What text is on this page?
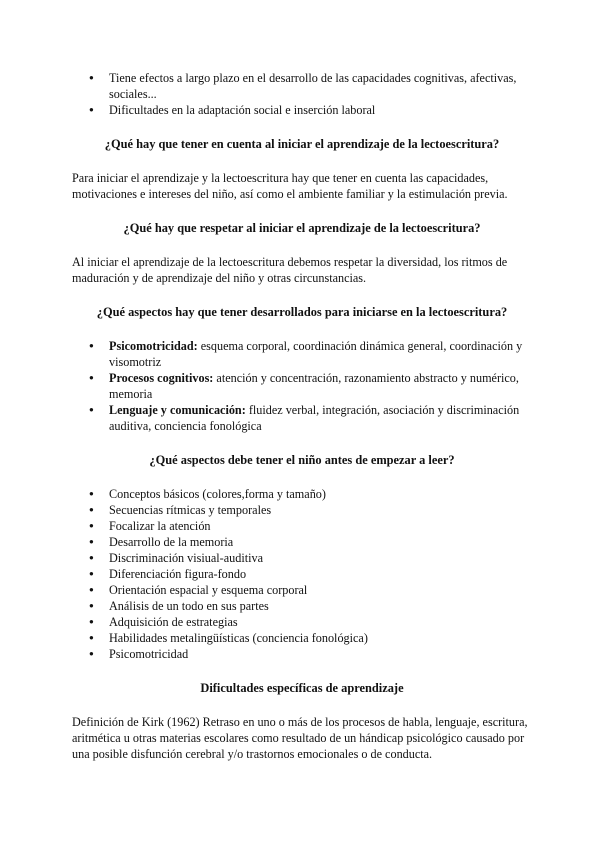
● Tiene efectos a largo plazo en el desarrollo de las capacidades cognitivas, afectivas, sociales...
● Dificultades en la adaptación social e inserción laboral
¿Qué hay que tener en cuenta al iniciar el aprendizaje de la lectoescritura?

Para iniciar el aprendizaje y la lectoescritura hay que tener en cuenta las capacidades, motivaciones e intereses del niño, así como el ambiente familiar y la estimulación previa.

¿Qué hay que respetar al iniciar el aprendizaje de la lectoescritura?

Al iniciar el aprendizaje de la lectoescritura debemos respetar la diversidad, los ritmos de maduración y de aprendizaje del niño y otras circunstancias.

¿Qué aspectos hay que tener desarrollados para iniciarse en la lectoescritura?
● Psicomotricidad: esquema corporal, coordinación dinámica general, coordinación y visomotriz
● Procesos cognitivos: atención y concentración, razonamiento abstracto y numérico, memoria
● Lenguaje y comunicación: fluidez verbal, integración, asociación y discriminación auditiva, conciencia fonológica
¿Qué aspectos debe tener el niño antes de empezar a leer?
● Conceptos básicos (colores,forma y tamaño)
● Secuencias rítmicas y temporales
● Focalizar la atención
● Desarrollo de la memoria
● Discriminación visiual-auditiva
● Diferenciación figura-fondo
● Orientación espacial y esquema corporal
● Análisis de un todo en sus partes
● Adquisición de estrategias
● Habilidades metalingüísticas (conciencia fonológica)
● Psicomotricidad
Dificultades específicas de aprendizaje

Definición de Kirk (1962) Retraso en uno o más de los procesos de habla, lenguaje, escritura, aritmética u otras materias escolares como resultado de un hándicap psicológico causado por una posible disfunción cerebral y/o trastornos emocionales o de conducta.
